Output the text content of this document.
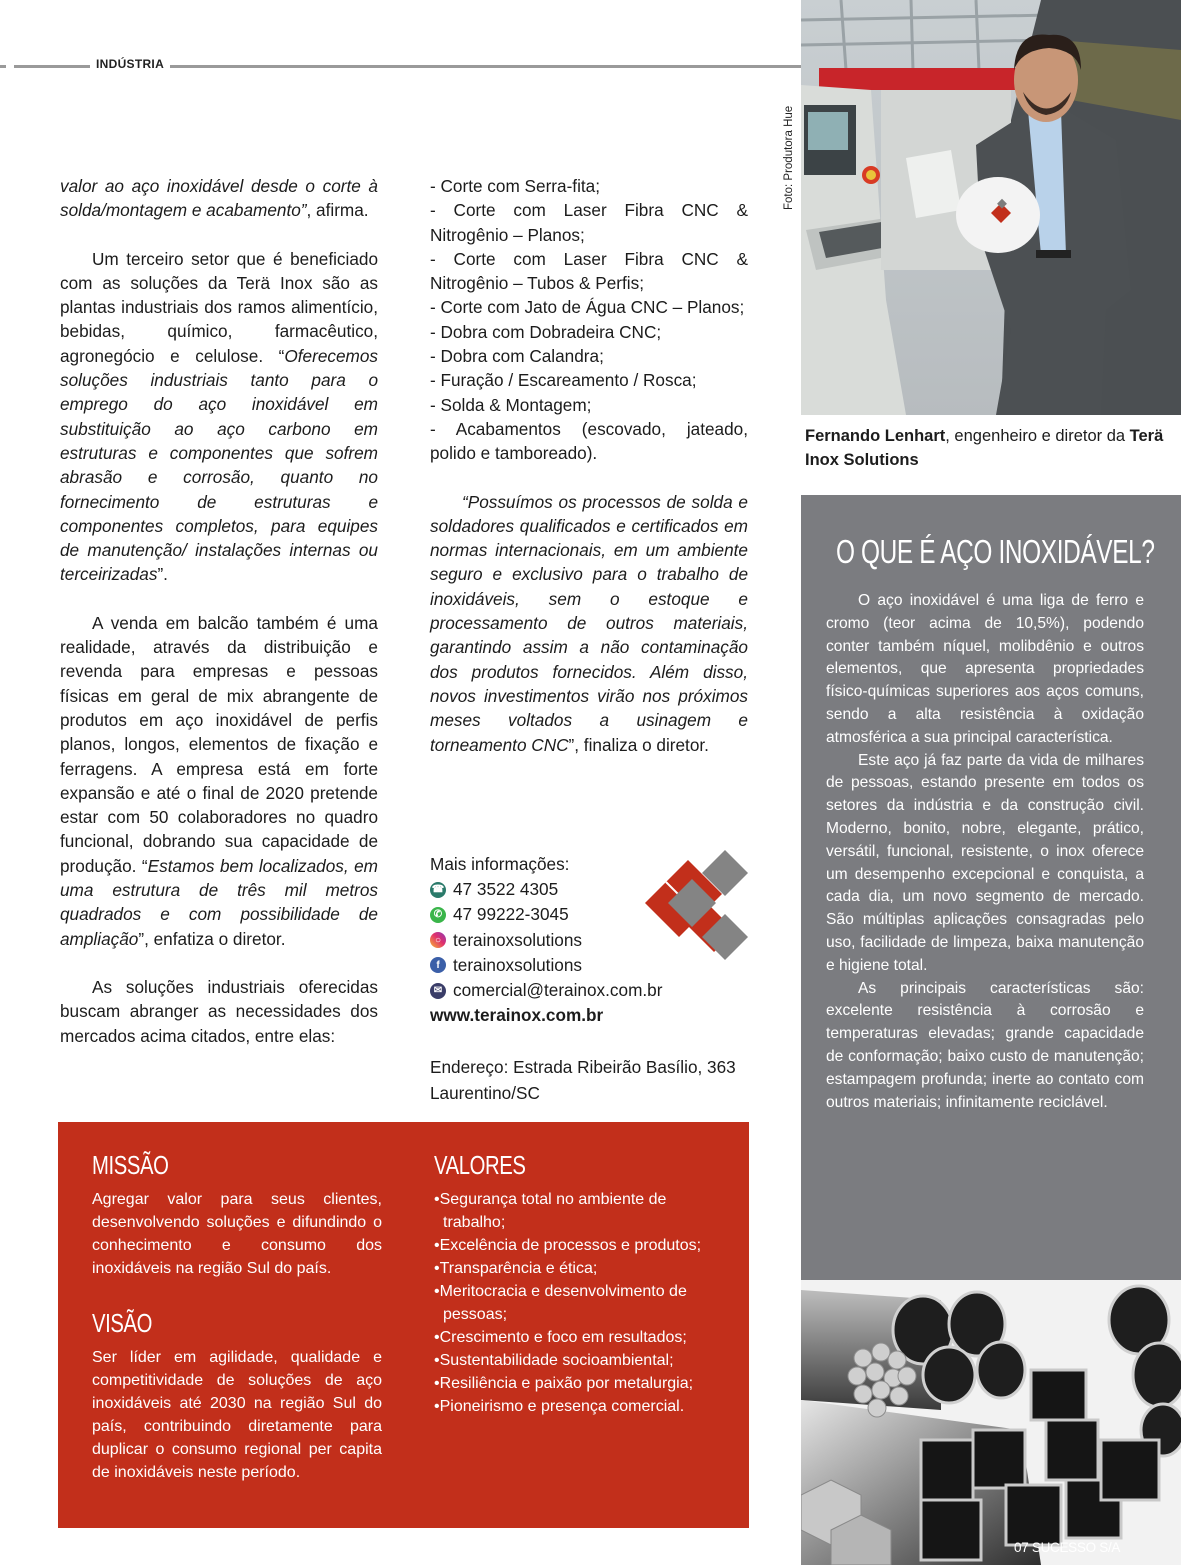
INDÚSTRIA

valor ao aço inoxidável desde o corte à solda/montagem e acabamento”, afirma.

Um terceiro setor que é beneficiado com as soluções da Terä Inox são as plantas industriais dos ramos alimentício, bebidas, químico, farmacêutico, agronegócio e celulose. “Oferecemos soluções industriais tanto para o emprego do aço inoxidável em substituição ao aço carbono em estruturas e componentes que sofrem abrasão e corrosão, quanto no fornecimento de estruturas e componentes completos, para equipes de manutenção/ instalações internas ou terceirizadas”.

A venda em balcão também é uma realidade, através da distribuição e revenda para empresas e pessoas físicas em geral de mix abrangente de produtos em aço inoxidável de perfis planos, longos, elementos de fixação e ferragens. A empresa está em forte expansão e até o final de 2020 pretende estar com 50 colaboradores no quadro funcional, dobrando sua capacidade de produção. “Estamos bem localizados, em uma estrutura de três mil metros quadrados e com possibilidade de ampliação”, enfatiza o diretor.

As soluções industriais oferecidas buscam abranger as necessidades dos mercados acima citados, entre elas:

- Corte com Serra-fita;
- Corte com Laser Fibra CNC & Nitrogênio – Planos;
- Corte com Laser Fibra CNC & Nitrogênio – Tubos & Perfis;
- Corte com Jato de Água CNC – Planos;
- Dobra com Dobradeira CNC;
- Dobra com Calandra;
- Furação / Escareamento / Rosca;
- Solda & Montagem;
- Acabamentos (escovado, jateado, polido e tamboreado).

“Possuímos os processos de solda e soldadores qualificados e certificados em normas internacionais, em um ambiente seguro e exclusivo para o trabalho de inoxidáveis, sem o estoque e processamento de outros materiais, garantindo assim a não contaminação dos produtos fornecidos. Além disso, novos investimentos virão nos próximos meses voltados a usinagem e torneamento CNC”, finaliza o diretor.

Mais informações:
☎ 47 3522 4305
✆ 47 99222-3045
○ terainoxsolutions
f terainoxsolutions
✉ comercial@terainox.com.br
www.terainox.com.br
Endereço: Estrada Ribeirão Basílio, 363
Laurentino/SC
MISSÃO
Agregar valor para seus clientes, desenvolvendo soluções e difundindo o conhecimento e consumo dos inoxidáveis na região Sul do país.
VISÃO
Ser líder em agilidade, qualidade e competitividade de soluções de aço inoxidáveis até 2030 na região Sul do país, contribuindo diretamente para duplicar o consumo regional per capita de inoxidáveis neste período.
VALORES
•Segurança total no ambiente de trabalho;
•Excelência de processos e produtos;
•Transparência e ética;
•Meritocracia e desenvolvimento de pessoas;
•Crescimento e foco em resultados;
•Sustentabilidade socioambiental;
•Resiliência e paixão por metalurgia;
•Pioneirismo e presença comercial.
Foto: Produtora Hue
Fernando Lenhart, engenheiro e diretor da Terä Inox Solutions
O QUE É AÇO INOXIDÁVEL?

O aço inoxidável é uma liga de ferro e cromo (teor acima de 10,5%), podendo conter também níquel, molibdênio e outros elementos, que apresenta propriedades físico-químicas superiores aos aços comuns, sendo a alta resistência à oxidação atmosférica a sua principal característica.

Este aço já faz parte da vida de milhares de pessoas, estando presente em todos os setores da indústria e da construção civil. Moderno, bonito, nobre, elegante, prático, versátil, funcional, resistente, o inox oferece um desempenho excepcional e conquista, a cada dia, um novo segmento de mercado. São múltiplas aplicações consagradas pelo uso, facilidade de limpeza, baixa manutenção e higiene total.

As principais características são: excelente resistência à corrosão e temperaturas elevadas; grande capacidade de conformação; baixo custo de manutenção; estampagem profunda; inerte ao contato com outros materiais; infinitamente reciclável.

07 SUCESSO S/A
